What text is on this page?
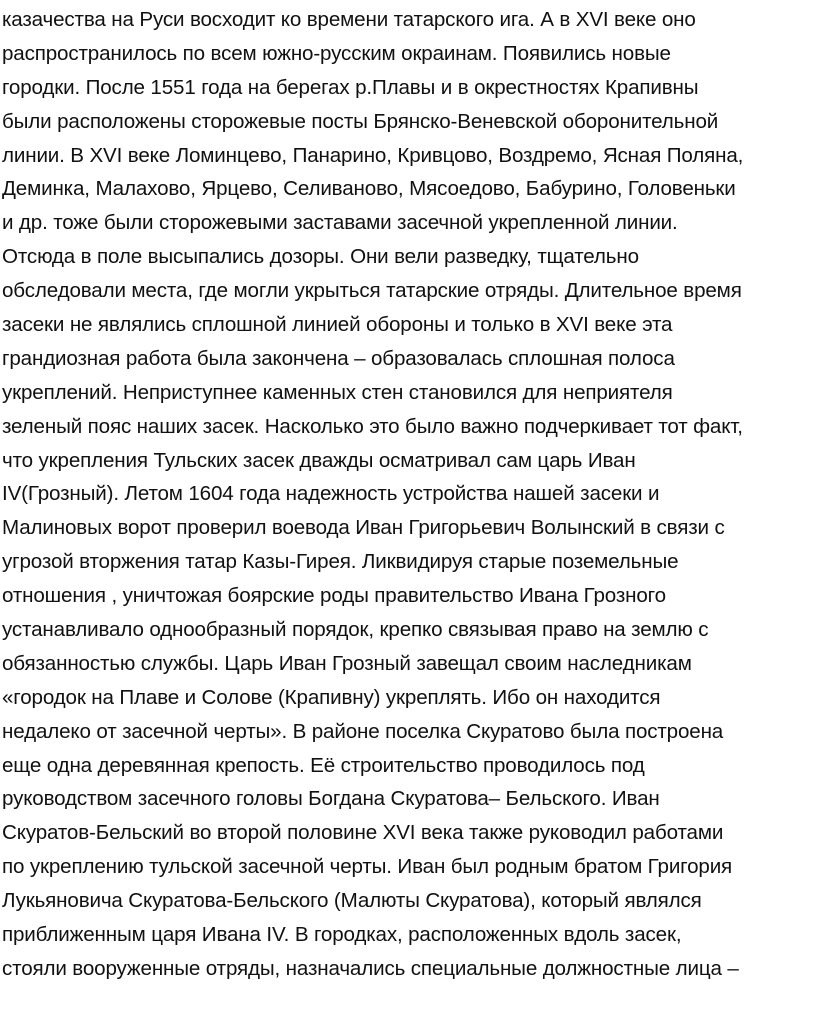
казачества на Руси восходит ко времени татарского ига. А в XVI веке оно
распространилось по всем южно-русским окраинам. Появились новые
городки. После 1551 года на берегах р.Плавы и в окрестностях Крапивны
были расположены сторожевые посты Брянско-Веневской оборонительной
линии. В XVI веке Ломинцево, Панарино, Кривцово, Воздремо, Ясная Поляна,
Деминка, Малахово, Ярцево, Селиваново, Мясоедово, Бабурино, Головеньки
и др. тоже были сторожевыми заставами засечной укрепленной линии.
Отсюда в поле высыпались дозоры. Они вели разведку, тщательно
обследовали места, где могли укрыться татарские отряды. Длительное время
засеки не являлись сплошной линией обороны и только в XVI веке эта
грандиозная работа была закончена – образовалась сплошная полоса
укреплений. Неприступнее каменных стен становился для неприятеля
зеленый пояс наших засек. Насколько это было важно подчеркивает тот факт,
что укрепления Тульских засек дважды осматривал сам царь Иван
IV(Грозный). Летом 1604 года надежность устройства нашей засеки и
Малиновых ворот проверил воевода Иван Григорьевич Волынский в связи с
угрозой вторжения татар Казы-Гирея. Ликвидируя старые поземельные
отношения , уничтожая боярские роды правительство Ивана Грозного
устанавливало однообразный порядок, крепко связывая право на землю с
обязанностью службы. Царь Иван Грозный завещал своим наследникам
«городок на Плаве и Солове (Крапивну) укреплять. Ибо он находится
недалеко от засечной черты». В районе поселка Скуратово была построена
еще одна деревянная крепость. Её строительство проводилось под
руководством засечного головы Богдана Скуратова– Бельского. Иван
Скуратов-Бельский во второй половине XVI века также руководил работами
по укреплению тульской засечной черты. Иван был родным братом Григория
Лукьяновича Скуратова-Бельского (Малюты Скуратова), который являлся
приближенным царя Ивана IV. В городках, расположенных вдоль засек,
стояли вооруженные отряды, назначались специальные должностные лица –
